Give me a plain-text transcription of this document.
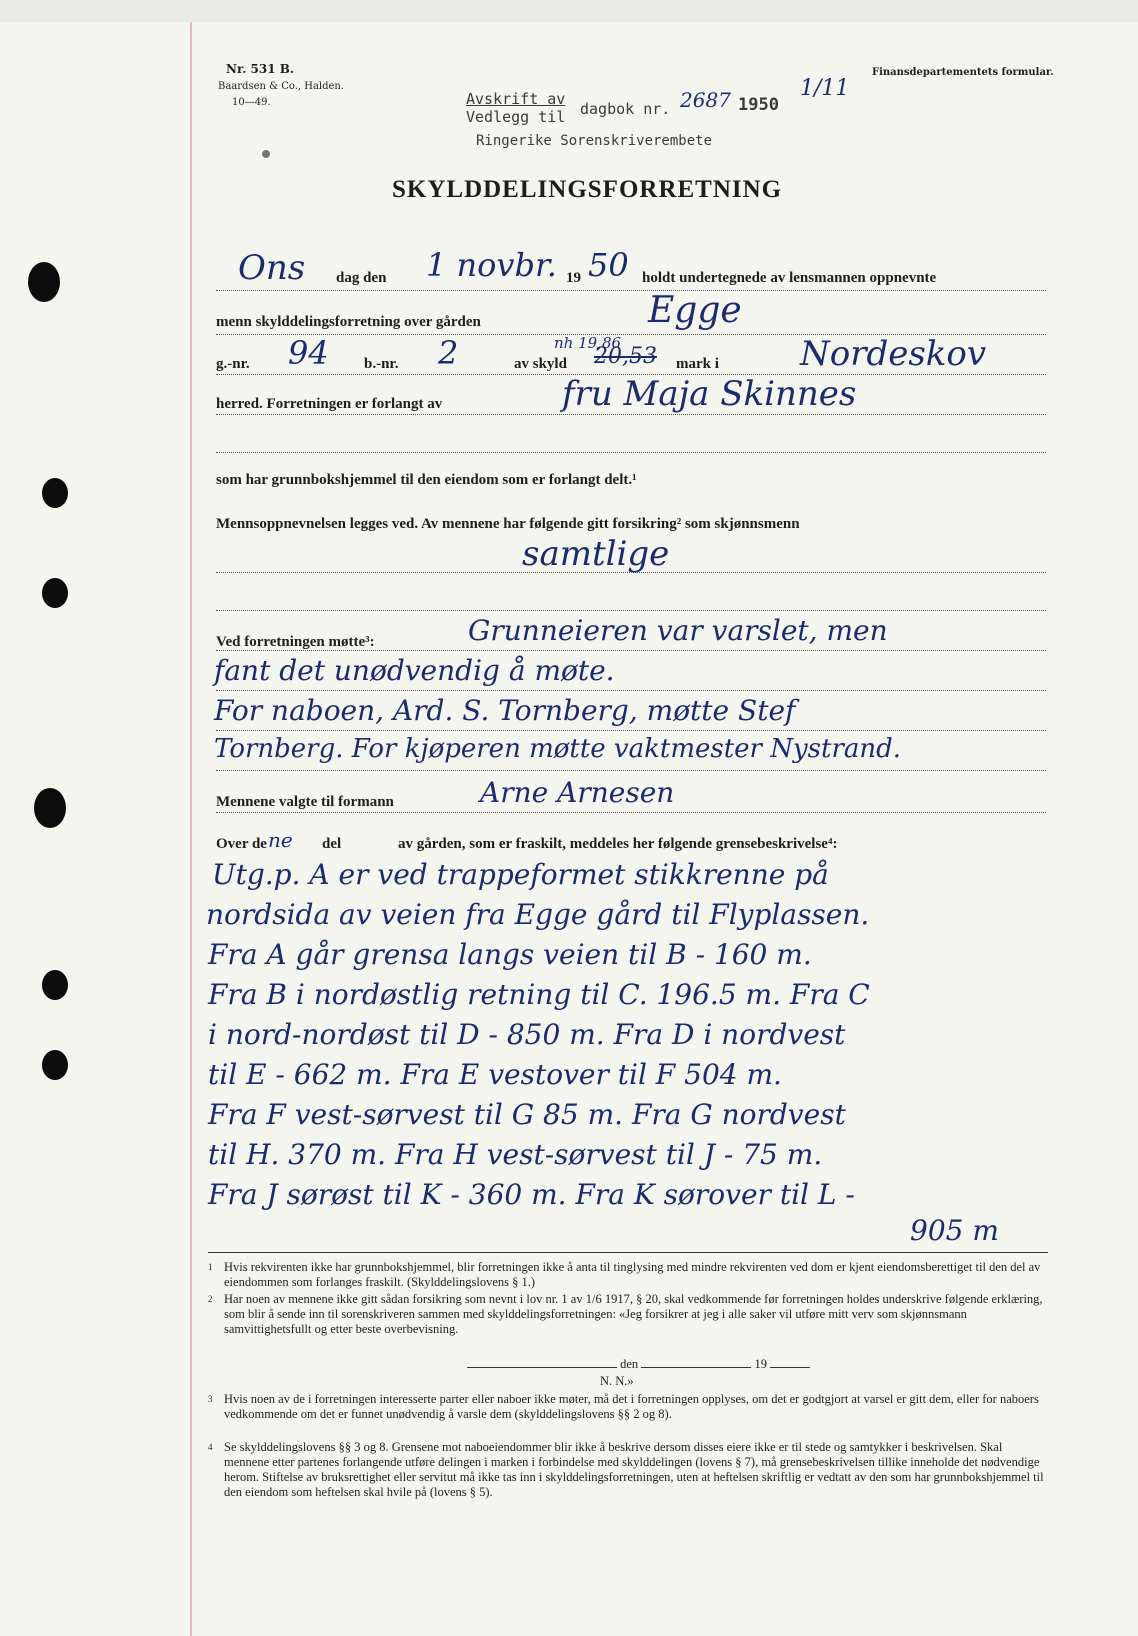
Nr. 531 B.
Baardsen & Co., Halden.
10—49.
Finansdepartementets formular.
Avskrift av
Vedlegg til dagbok nr. 2687 1950
1/11
Ringerike Sorenskriverembete
SKYLDDELINGSFORRETNING
Ons dag den 1 novbr. 19 50 holdt undertegnede av lensmannen oppnevnte
menn skylddelingsforretning over gården	Egge
g.-nr. 94 b.-nr. 2	av skyld
nh 19,86
20,53 mark i Nordeskov
herred. Forretningen er forlangt av	fru Maja Skinnes
som har grunnbokshjemmel til den eiendom som er forlangt delt.¹
Mennsoppnevnelsen legges ved. Av mennene har følgende gitt forsikring² som skjønnsmenn
samtlige
Ved forretningen møtte³:	Grunneieren var varslet, men
fant det unødvendig å møte.
For naboen, Ard. S. Tornberg, møtte Stef
Tornberg. For kjøperen møtte vaktmester Nystrand.
Mennene valgte til formann	Arne Arnesen
Over de ne del	av gården, som er fraskilt, meddeles her følgende grensebeskrivelse⁴:
Utg.p. A er ved trappeformet stikkrenne på
nordsida av veien fra Egge gård til Flyplassen.
Fra A går grensa langs veien til B - 160 m.
Fra B i nordøstlig retning til C. 196.5 m. Fra C
i nord-nordøst til D - 850 m. Fra D i nordvest
til E - 662 m. Fra E vestover til F 504 m.
Fra F vest-sørvest til G 85 m. Fra G nordvest
til H. 370 m. Fra H vest-sørvest til J - 75 m.
Fra J sørøst til K - 360 m. Fra K sørover til L -
905 m
1 Hvis rekvirenten ikke har grunnbokshjemmel, blir forretningen ikke å anta til tinglysing med mindre rekvirenten ved dom er kjent eiendomsberettiget til den del av eiendommen som forlanges fraskilt. (Skylddelingslovens § 1.)
2 Har noen av mennene ikke gitt sådan forsikring som nevnt i lov nr. 1 av 1/6 1917, § 20, skal vedkommende før forretningen holdes underskrive følgende erklæring, som blir å sende inn til sorenskriveren sammen med skylddelingsforretningen: «Jeg forsikrer at jeg i alle saker vil utføre mitt verv som skjønnsmann samvittighetsfullt og etter beste overbevisning.
den	19
N. N.»
3 Hvis noen av de i forretningen interesserte parter eller naboer ikke møter, må det i forretningen opplyses, om det er godtgjort at varsel er gitt dem, eller for naboers vedkommende om det er funnet unødvendig å varsle dem (skylddelingslovens §§ 2 og 8).
4 Se skylddelingslovens §§ 3 og 8. Grensene mot naboeiendommer blir ikke å beskrive dersom disses eiere ikke er til stede og samtykker i beskrivelsen. Skal mennene etter partenes forlangende utføre delingen i marken i forbindelse med skylddelingen (lovens § 7), må grensebeskrivelsen tillike inneholde det nødvendige herom. Stiftelse av bruksrettighet eller servitut må ikke tas inn i skylddelingsforretningen, uten at heftelsen skriftlig er vedtatt av den som har grunnbokshjemmel til den eiendom som heftelsen skal hvile på (lovens § 5).
